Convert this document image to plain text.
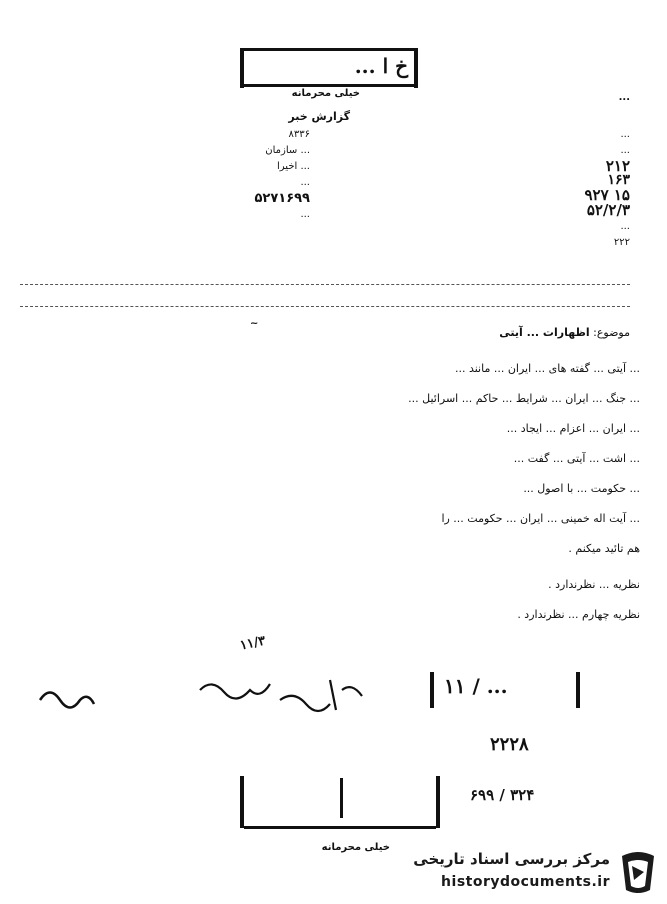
خ ا ...
خیلی محرمانه
گزارش خبر
...
۸۳۳۶
... سازمان
... اخیرا
...
۵۲۷۱۶۹۹
...
...
...
۲۱۲
۱۶۳
۱۵ ۹۲۷
۵۲/۲/۳
...
۲۲۲
موضوع: اظهارات ... آیتی
~
... آیتی ... گفته های ... ایران ... مانند ...
... جنگ ... ایران ... شرایط ... حاکم ... اسرائیل ...
... ایران ... اعزام ... ایجاد ...
... اشت ... آیتی ... گفت ...
... حکومت ... با اصول ...
... آیت اله خمینی ... ایران ... حکومت ... را
هم تائید میکنم .
نظریه ... نظرندارد .
نظریه چهارم ... نظرندارد .
۱۱/۳
۱۱ / ...
۲۲۲۸
۶۹۹ / ۳۲۴
خیلی محرمانه
مرکز بررسی اسناد تاریخی
historydocuments.ir
